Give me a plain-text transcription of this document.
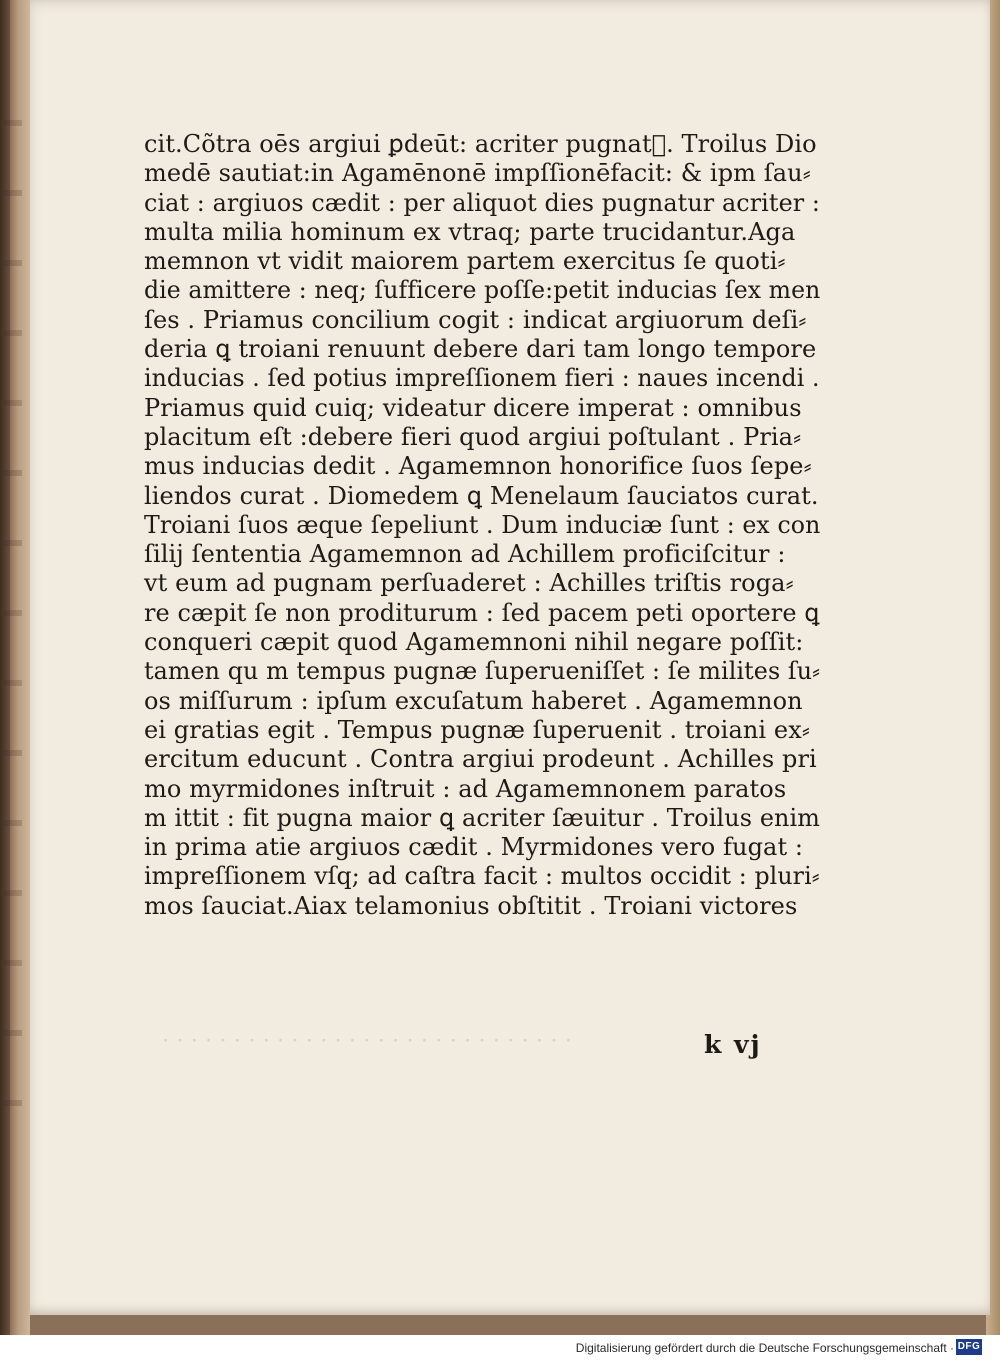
. . . . . . . . . . . . . . . . . . . . . . . . . . . . .
cit.Cõtra oēs argiui ꝑdeūt: acriter pugnatᷓ. Troilus Dio
medē sautiat:in Agamēnonē impſſionēfacit: & ipm ſau⸗
ciat : argiuos cædit : per aliquot dies pugnatur acriter :
multa milia hominum ex vtraq; parte trucidantur.Aga
memnon vt vidit maiorem partem exercitus ſe quoti⸗
die amittere : neq; ſufficere poſſe:petit inducias ſex men
ſes . Priamus concilium cogit : indicat argiuorum deſi⸗
deria ꝗ troiani renuunt debere dari tam longo tempore
inducias . ſed potius impreſſionem fieri : naues incendi .
Priamus quid cuiq; videatur dicere imperat : omnibus
placitum eſt :debere fieri quod argiui poſtulant . Pria⸗
mus inducias dedit . Agamemnon honorifice ſuos ſepe⸗
liendos curat . Diomedem ꝗ Menelaum ſauciatos curat.
Troiani ſuos æque ſepeliunt . Dum induciæ ſunt : ex con
ſilij ſententia Agamemnon ad Achillem proficiſcitur :
vt eum ad pugnam perſuaderet : Achilles triſtis roga⸗
re cæpit ſe non proditurum : ſed pacem peti oportere ꝗ
conqueri cæpit quod Agamemnoni nihil negare poſſit:
tamen qu m tempus pugnæ ſuperueniſſet : ſe milites ſu⸗
os miſſurum : ipſum excuſatum haberet . Agamemnon
ei gratias egit . Tempus pugnæ ſuperuenit . troiani ex⸗
ercitum educunt . Contra argiui prodeunt . Achilles pri
mo myrmidones inſtruit : ad Agamemnonem paratos
m ittit : fit pugna maior ꝗ acriter ſæuitur . Troilus enim
in prima atie argiuos cædit . Myrmidones vero fugat :
impreſſionem vſq; ad caſtra facit : multos occidit : pluri⸗
mos ſauciat.Aiax telamonius obſtitit . Troiani victores
k vj
Digitalisierung gefördert durch die Deutsche Forschungsgemeinschaft · DFG
